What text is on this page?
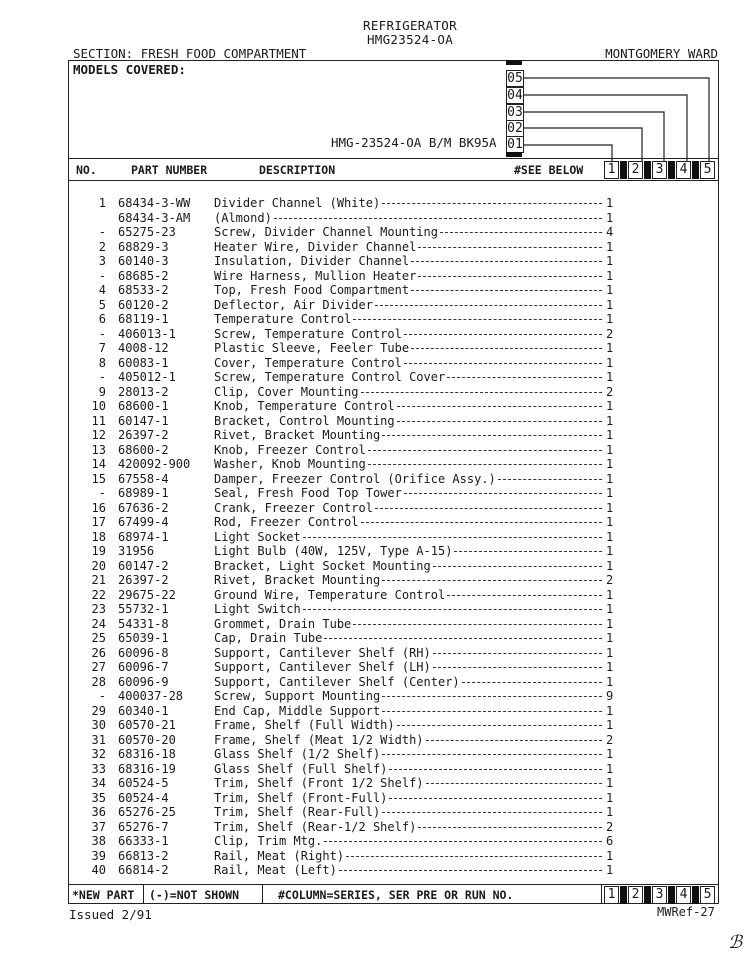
REFRIGERATOR
HMG23524-OA
SECTION: FRESH FOOD COMPARTMENT	MONTGOMERY WARD
MODELS COVERED:
HMG-23524-OA B/M BK95A
05
04
03
02
01
NO.	PART NUMBER	DESCRIPTION	#SEE BELOW 1 2 3 4 5
1 68434-3-WW Divider Channel (White)	1
68434-3-AM (Almond)	1
- 65275-23	Screw, Divider Channel Mounting	4
2 68829-3	Heater Wire, Divider Channel	1
3 60140-3	Insulation, Divider Channel	1
- 68685-2	Wire Harness, Mullion Heater	1
4 68533-2	Top, Fresh Food Compartment	1
5 60120-2	Deflector, Air Divider	1
6 68119-1	Temperature Control	1
- 406013-1	Screw, Temperature Control	2
7 4008-12	Plastic Sleeve, Feeler Tube	1
8 60083-1	Cover, Temperature Control	1
- 405012-1	Screw, Temperature Control Cover	1
9 28013-2	Clip, Cover Mounting	2
10 68600-1	Knob, Temperature Control	1
11 60147-1	Bracket, Control Mounting	1
12 26397-2	Rivet, Bracket Mounting	1
13 68600-2	Knob, Freezer Control	1
14 420092-900 Washer, Knob Mounting	1
15 67558-4	Damper, Freezer Control (Orifice Assy.)	1
- 68989-1	Seal, Fresh Food Top Tower	1
16 67636-2	Crank, Freezer Control	1
17 67499-4	Rod, Freezer Control	1
18 68974-1	Light Socket	1
19 31956	Light Bulb (40W, 125V, Type A-15)	1
20 60147-2	Bracket, Light Socket Mounting	1
21 26397-2	Rivet, Bracket Mounting	2
22 29675-22	Ground Wire, Temperature Control	1
23 55732-1	Light Switch	1
24 54331-8	Grommet, Drain Tube	1
25 65039-1	Cap, Drain Tube	1
26 60096-8	Support, Cantilever Shelf (RH)	1
27 60096-7	Support, Cantilever Shelf (LH)	1
28 60096-9	Support, Cantilever Shelf (Center)	1
- 400037-28	Screw, Support Mounting	9
29 60340-1	End Cap, Middle Support	1
30 60570-21	Frame, Shelf (Full Width)	1
31 60570-20	Frame, Shelf (Meat 1/2 Width)	2
32 68316-18	Glass Shelf (1/2 Shelf)	1
33 68316-19	Glass Shelf (Full Shelf)	1
34 60524-5	Trim, Shelf (Front 1/2 Shelf)	1
35 60524-4	Trim, Shelf (Front-Full)	1
36 65276-25	Trim, Shelf (Rear-Full)	1
37 65276-7	Trim, Shelf (Rear-1/2 Shelf)	2
38 66333-1	Clip, Trim Mtg.	6
39 66813-2	Rail, Meat (Right)	1
40 66814-2	Rail, Meat (Left)	1
*NEW PART (-)=NOT SHOWN	#COLUMN=SERIES, SER PRE OR RUN NO.	1 2 3 4 5
Issued 2/91	MWRef-27
ℬ
